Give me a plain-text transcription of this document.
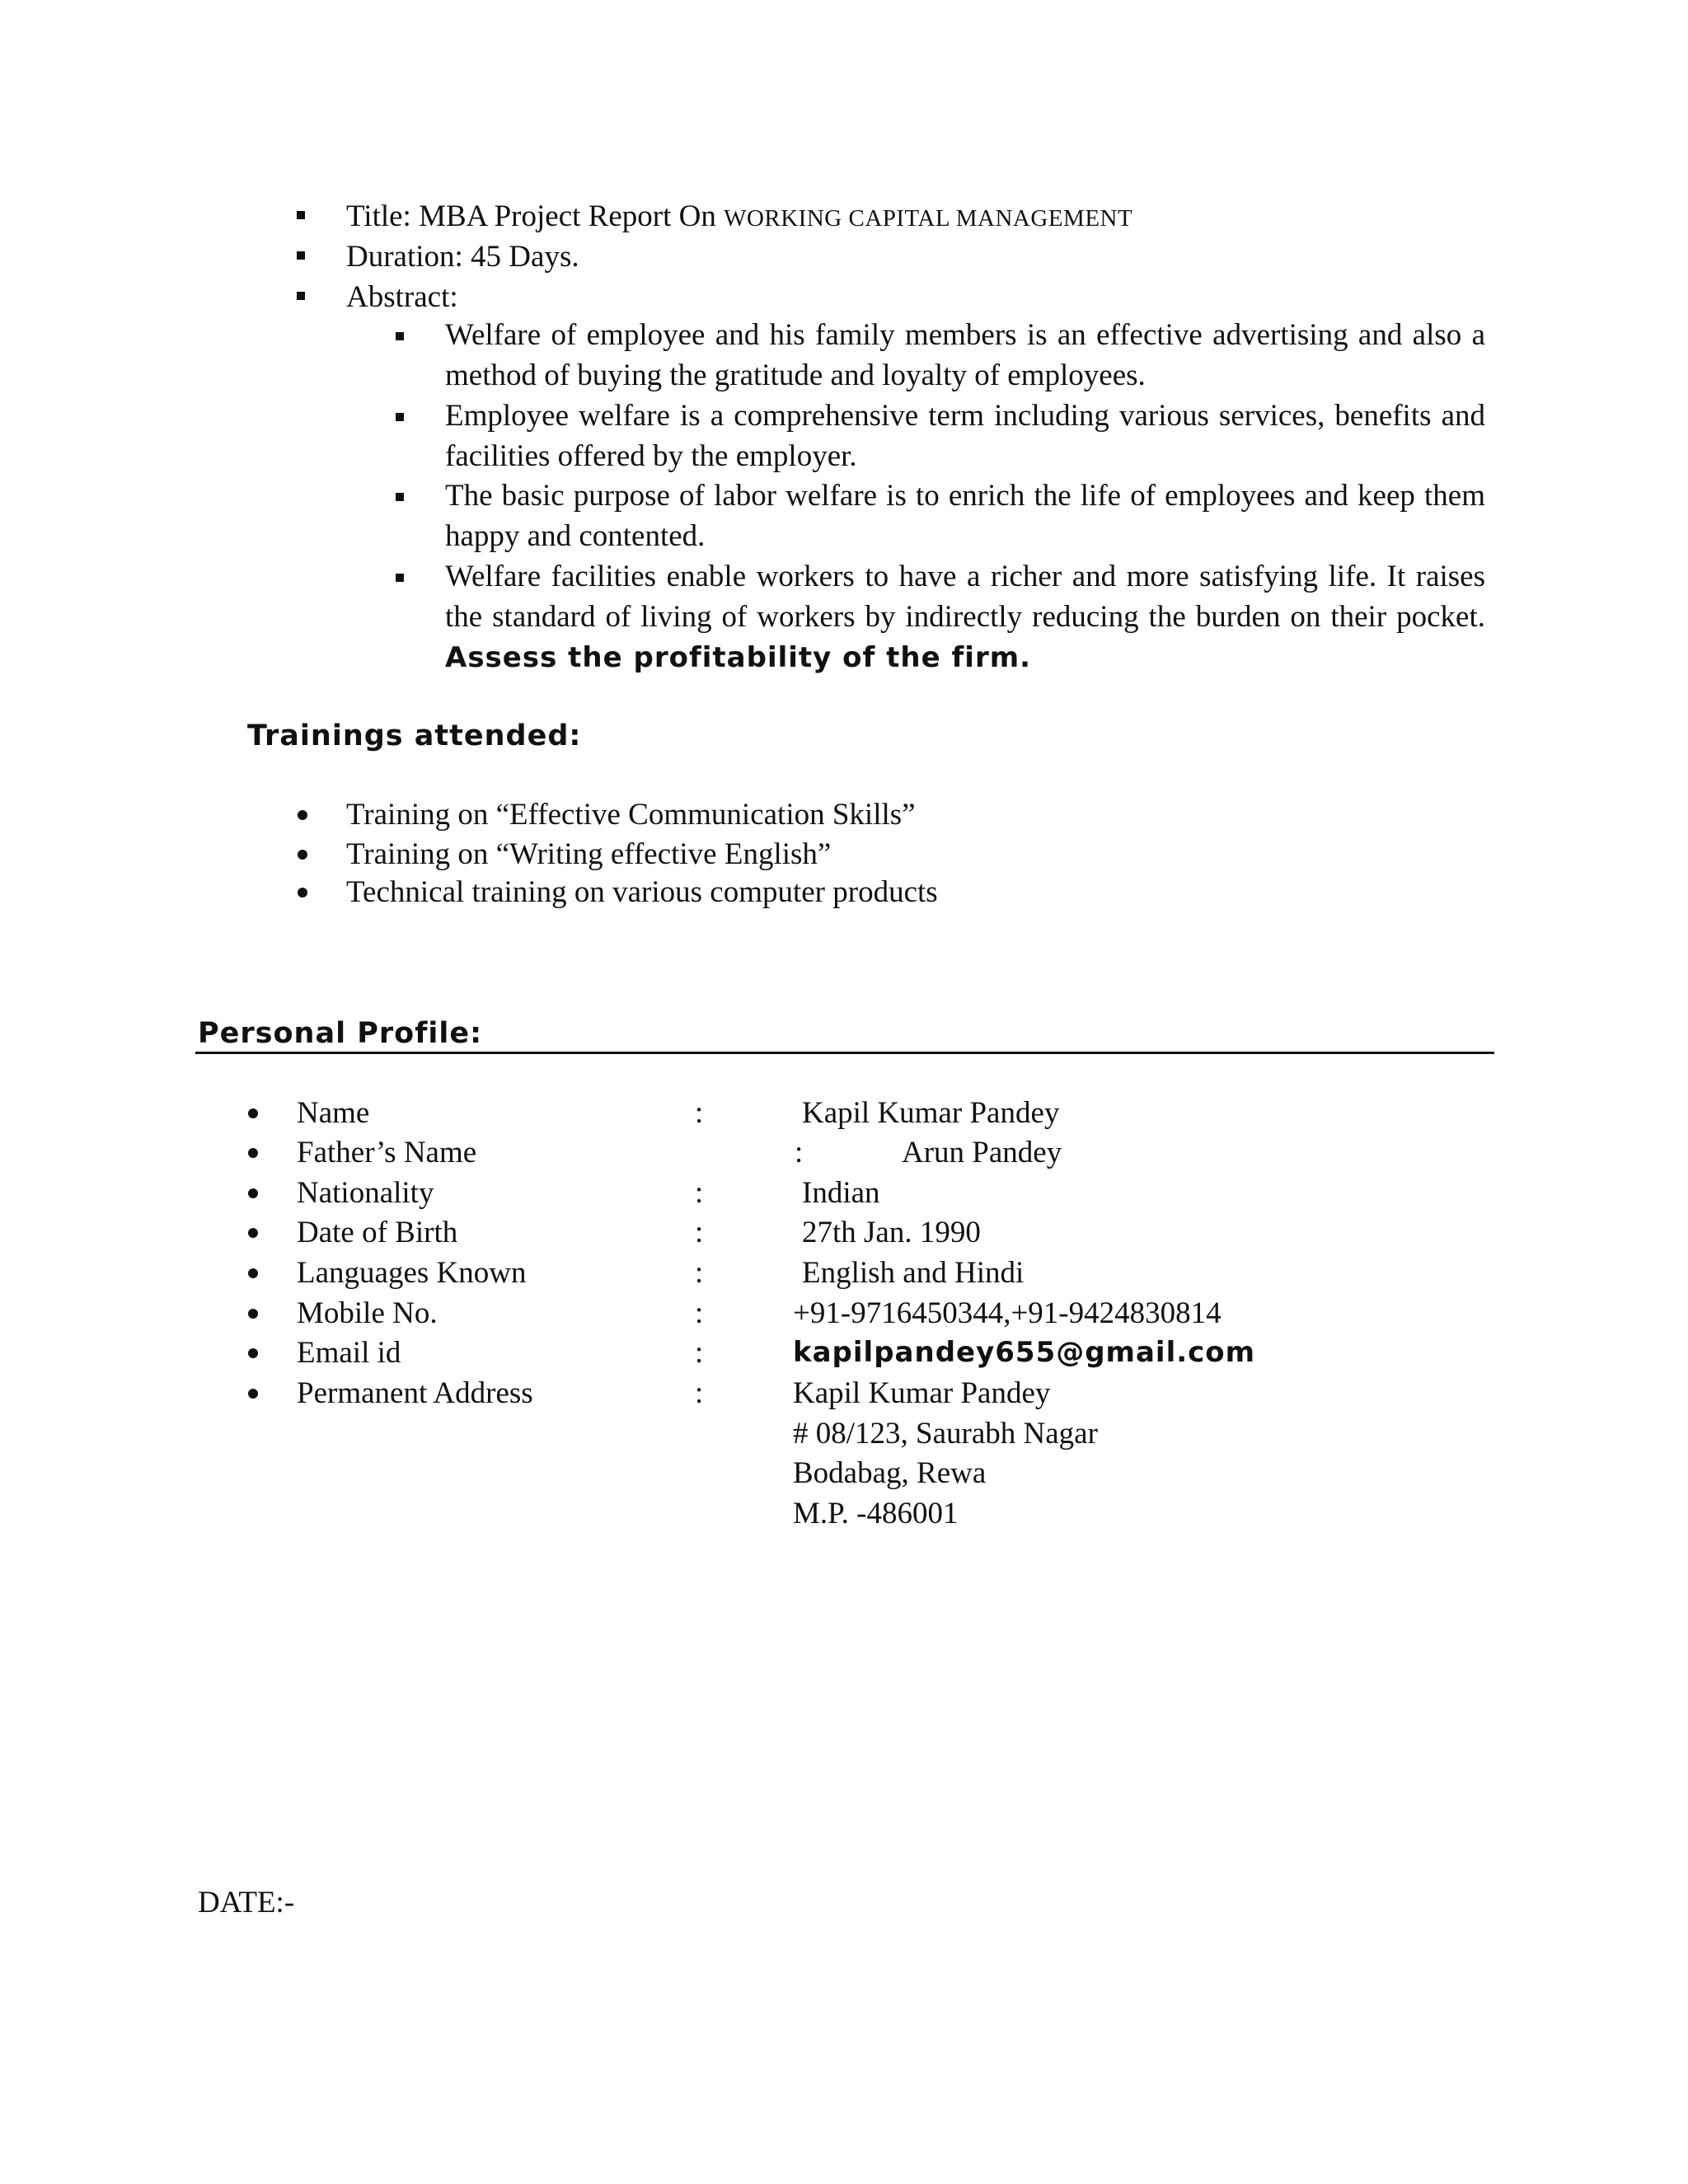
Title: MBA Project Report On WORKING CAPITAL MANAGEMENT
Duration: 45 Days.
Abstract:
Welfare of employee and his family members is an effective advertising and also a method of buying the gratitude and loyalty of employees.
Employee welfare is a comprehensive term including various services, benefits and facilities offered by the employer.
The basic purpose of labor welfare is to enrich the life of employees and keep them happy and contented.
Welfare facilities enable workers to have a richer and more satisfying life. It raises the standard of living of workers by indirectly reducing the burden on their pocket. Assess the profitability of the firm.
Trainings attended:
Training on “Effective Communication Skills”
Training on “Writing effective English”
Technical training on various computer products
Personal Profile:
Name	:	Kapil Kumar Pandey
Father’s Name	:	Arun Pandey
Nationality	:	Indian
Date of Birth	:	27th Jan. 1990
Languages Known	:	English and Hindi
Mobile No.	:	+91-9716450344,+91-9424830814
Email id	:	kapilpandey655@gmail.com
Permanent Address	:	Kapil Kumar Pandey
# 08/123, Saurabh Nagar
Bodabag, Rewa
M.P. -486001
DATE:-
